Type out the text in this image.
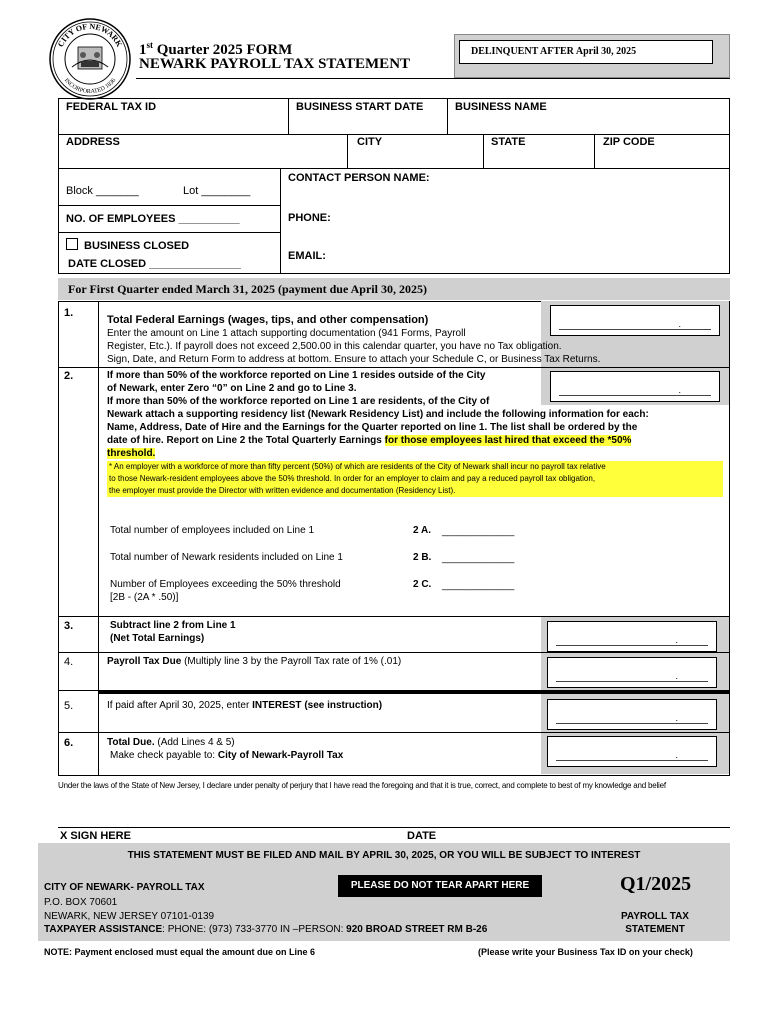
CITY OF NEWARK
INCORPORATED 1836
1st Quarter 2025 FORM
NEWARK PAYROLL TAX STATEMENT
DELINQUENT AFTER April 30, 2025
FEDERAL TAX ID	BUSINESS START DATE	BUSINESS NAME
ADDRESS	CITY	STATE	ZIP CODE
Block _______	Lot ________
CONTACT PERSON NAME:
NO. OF EMPLOYEES __________	PHONE:
BUSINESS CLOSED
DATE CLOSED _______________
EMAIL:
For First Quarter ended March 31, 2025 (payment due April 30, 2025)
1.
.
Total Federal Earnings (wages, tips, and other compensation)
Enter the amount on Line 1 attach supporting documentation (941 Forms, Payroll
Register, Etc.). If payroll does not exceed 2,500.00 in this calendar quarter, you have no Tax obligation.
Sign, Date, and Return Form to address at bottom. Ensure to attach your Schedule C, or Business Tax Returns.
2.
.
If more than 50% of the workforce reported on Line 1 resides outside of the City
of Newark, enter Zero “0” on Line 2 and go to Line 3.
If more than 50% of the workforce reported on Line 1 are residents, of the City of
Newark attach a supporting residency list (Newark Residency List) and include the following information for each:
Name, Address, Date of Hire and the Earnings for the Quarter reported on line 1. The list shall be ordered by the
date of hire. Report on Line 2 the Total Quarterly Earnings for those employees last hired that exceed the *50%
threshold.
* An employer with a workforce of more than fifty percent (50%) of which are residents of the City of Newark shall incur no payroll tax relative
to those Newark-resident employees above the 50% threshold. In order for an employer to claim and pay a reduced payroll tax obligation,
the employer must provide the Director with written evidence and documentation (Residency List).
Total number of employees included on Line 1	2 A. _____________
Total number of Newark residents included on Line 1	2 B. _____________
Number of Employees exceeding the 50% threshold
[2B - (2A * .50)]
2 C. _____________
3.	Subtract line 2 from Line 1
(Net Total Earnings)	.
4.	Payroll Tax Due (Multiply line 3 by the Payroll Tax rate of 1% (.01)
.
5.	If paid after April 30, 2025, enter INTEREST (see instruction)
.
6.	Total Due. (Add Lines 4 & 5)
Make check payable to: City of Newark-Payroll Tax	.
Under the laws of the State of New Jersey, I declare under penalty of perjury that I have read the foregoing and that it is true, correct, and complete to best of my knowledge and belief
X SIGN HERE	DATE
THIS STATEMENT MUST BE FILED AND MAIL BY APRIL 30, 2025, OR YOU WILL BE SUBJECT TO INTEREST
CITY OF NEWARK- PAYROLL TAX	PLEASE DO NOT TEAR APART HERE	Q1/2025
P.O. BOX 70601
NEWARK, NEW JERSEY 07101-0139	PAYROLL TAX
STATEMENT
TAXPAYER ASSISTANCE: PHONE: (973) 733-3770 IN –PERSON: 920 BROAD STREET RM B-26
NOTE: Payment enclosed must equal the amount due on Line 6	(Please write your Business Tax ID on your check)
